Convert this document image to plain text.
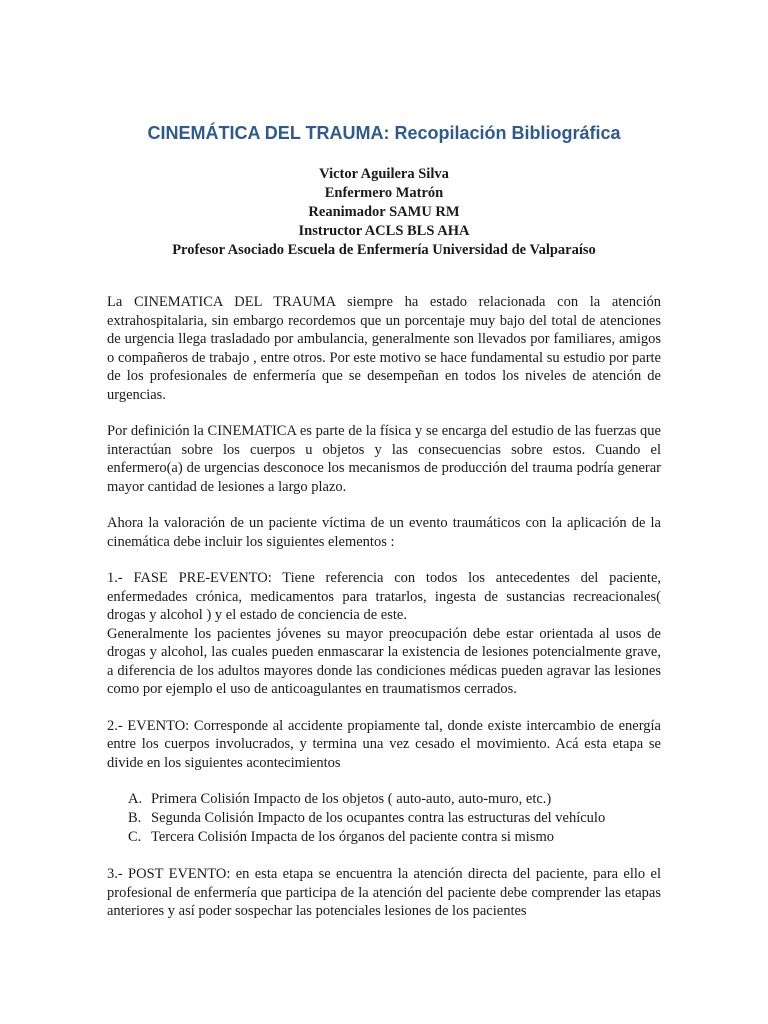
CINEMÁTICA DEL TRAUMA: Recopilación Bibliográfica
Victor Aguilera Silva
Enfermero Matrón
Reanimador SAMU RM
Instructor ACLS BLS AHA
Profesor Asociado Escuela de Enfermería Universidad de Valparaíso

La CINEMATICA DEL TRAUMA siempre ha estado relacionada con la atención extrahospitalaria, sin embargo recordemos que un porcentaje muy bajo del total de atenciones de urgencia llega trasladado por ambulancia, generalmente son llevados por familiares, amigos o compañeros de trabajo , entre otros. Por este motivo se hace fundamental su estudio por parte de los profesionales de enfermería que se desempeñan en todos los niveles de atención de urgencias.

Por definición la CINEMATICA es parte de la física y se encarga del estudio de las fuerzas que interactúan sobre los cuerpos u objetos y las consecuencias sobre estos. Cuando el enfermero(a) de urgencias desconoce los mecanismos de producción del trauma podría generar mayor cantidad de lesiones a largo plazo.

Ahora la valoración de un paciente víctima de un evento traumáticos con la aplicación de la cinemática debe incluir los siguientes elementos :

1.- FASE PRE-EVENTO: Tiene referencia con todos los antecedentes del paciente, enfermedades crónica, medicamentos para tratarlos, ingesta de sustancias recreacionales( drogas y alcohol ) y el estado de conciencia de este.

Generalmente los pacientes jóvenes su mayor preocupación debe estar orientada al usos de drogas y alcohol, las cuales pueden enmascarar la existencia de lesiones potencialmente grave, a diferencia de los adultos mayores donde las condiciones médicas pueden agravar las lesiones como por ejemplo el uso de anticoagulantes en traumatismos cerrados.

2.- EVENTO: Corresponde al accidente propiamente tal, donde existe intercambio de energía entre los cuerpos involucrados, y termina una vez cesado el movimiento. Acá esta etapa se divide en los siguientes acontecimientos

A. Primera Colisión Impacto de los objetos ( auto-auto, auto-muro, etc.)
B. Segunda Colisión Impacto de los ocupantes contra las estructuras del vehículo
C. Tercera Colisión Impacta de los órganos del paciente contra si mismo

3.- POST EVENTO: en esta etapa se encuentra la atención directa del paciente, para ello el profesional de enfermería que participa de la atención del paciente debe comprender las etapas anteriores y así poder sospechar las potenciales lesiones de los pacientes
